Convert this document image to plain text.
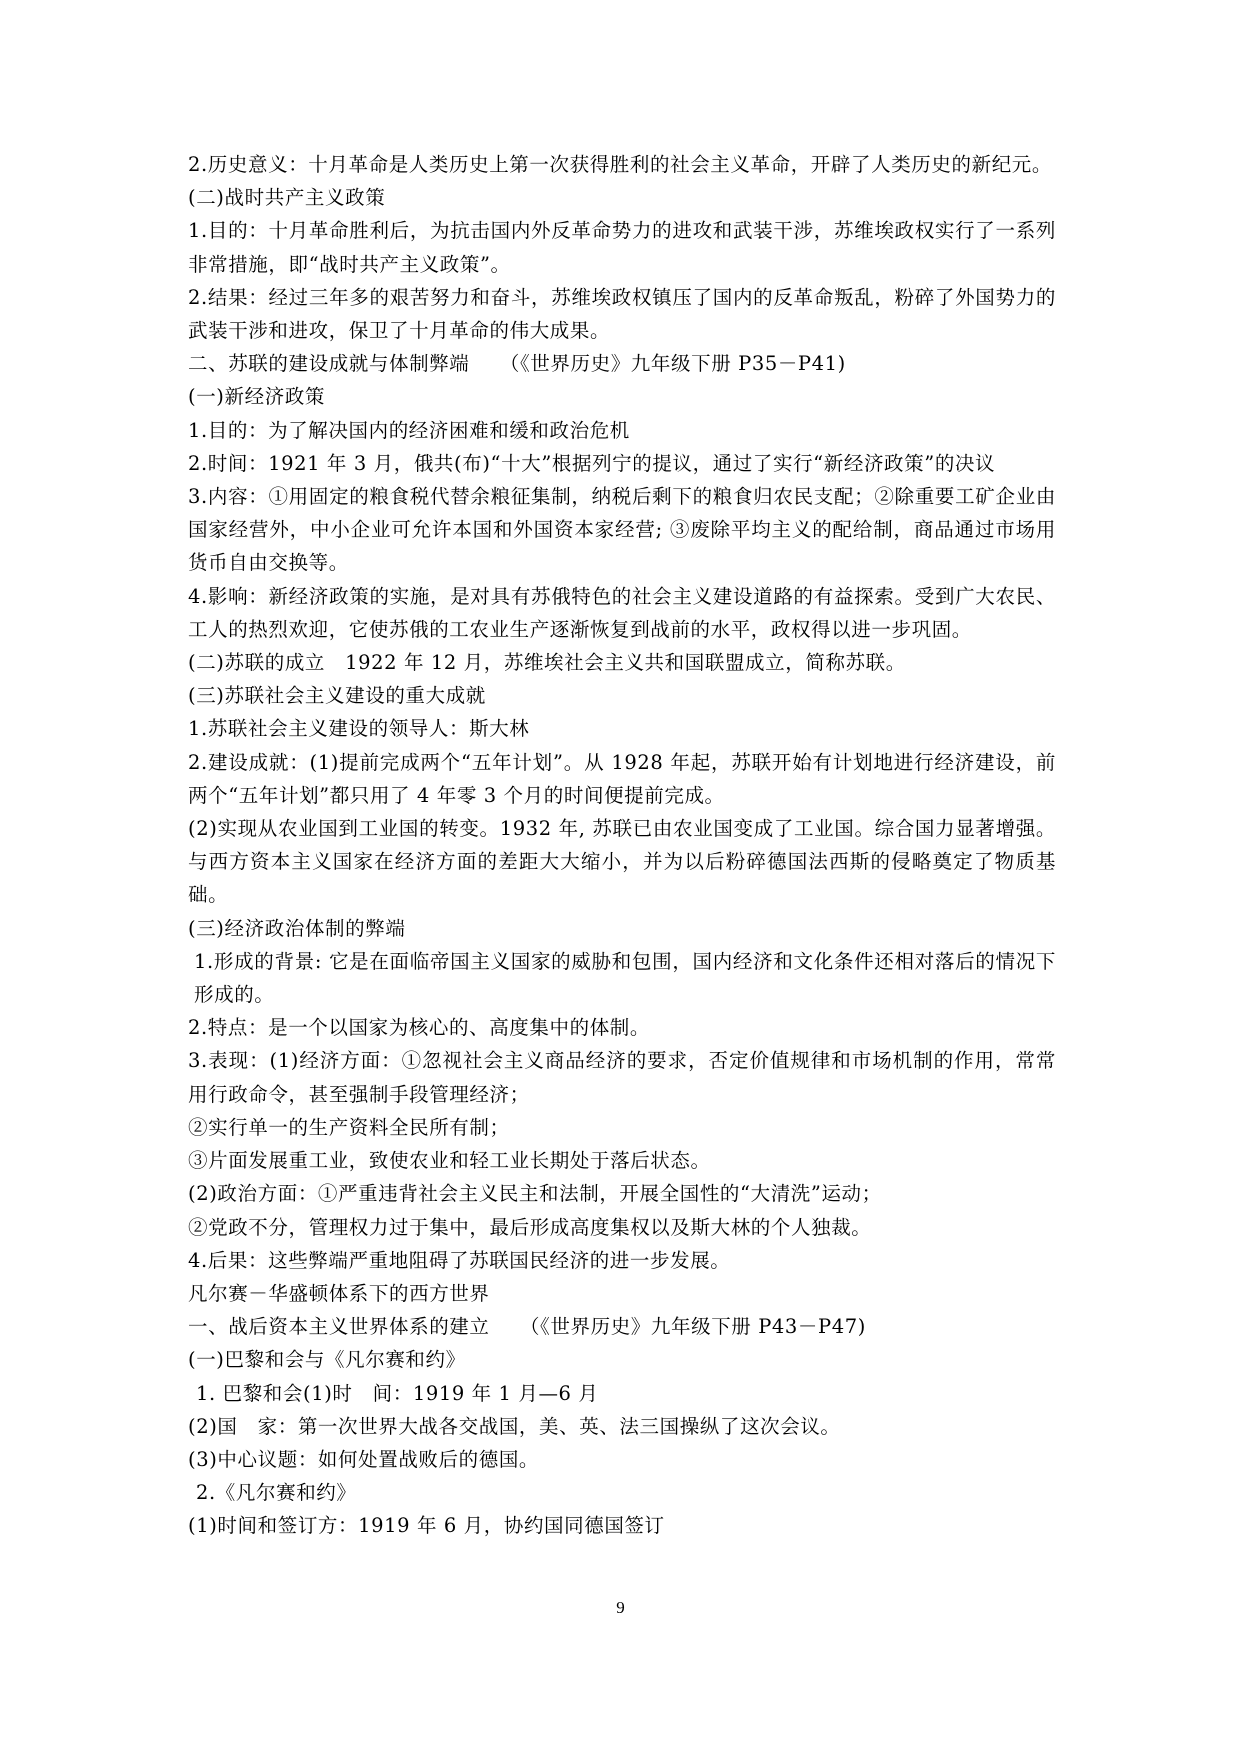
2.历史意义：十月革命是人类历史上第一次获得胜利的社会主义革命，开辟了人类历史的新纪元。

(二)战时共产主义政策

1.目的：十月革命胜利后，为抗击国内外反革命势力的进攻和武装干涉，苏维埃政权实行了一系列非常措施，即“战时共产主义政策”。

2.结果：经过三年多的艰苦努力和奋斗，苏维埃政权镇压了国内的反革命叛乱，粉碎了外国势力的武装干涉和进攻，保卫了十月革命的伟大成果。

二、苏联的建设成就与体制弊端　　（《世界历史》九年级下册 P35－P41)

(一)新经济政策

1.目的：为了解决国内的经济困难和缓和政治危机

2.时间：1921 年 3 月，俄共(布)“十大”根据列宁的提议，通过了实行“新经济政策”的决议

3.内容：①用固定的粮食税代替余粮征集制，纳税后剩下的粮食归农民支配；②除重要工矿企业由国家经营外，中小企业可允许本国和外国资本家经营; ③废除平均主义的配给制，商品通过市场用货币自由交换等。

4.影响：新经济政策的实施，是对具有苏俄特色的社会主义建设道路的有益探索。受到广大农民、工人的热烈欢迎，它使苏俄的工农业生产逐渐恢复到战前的水平，政权得以进一步巩固。

(二)苏联的成立　1922 年 12 月，苏维埃社会主义共和国联盟成立，简称苏联。

(三)苏联社会主义建设的重大成就

1.苏联社会主义建设的领导人：斯大林

2.建设成就：(1)提前完成两个“五年计划”。从 1928 年起，苏联开始有计划地进行经济建设，前两个“五年计划”都只用了 4 年零 3 个月的时间便提前完成。

(2)实现从农业国到工业国的转变。1932 年, 苏联已由农业国变成了工业国。综合国力显著增强。与西方资本主义国家在经济方面的差距大大缩小，并为以后粉碎德国法西斯的侵略奠定了物质基础。

(三)经济政治体制的弊端

1.形成的背景: 它是在面临帝国主义国家的威胁和包围，国内经济和文化条件还相对落后的情况下形成的。

2.特点：是一个以国家为核心的、高度集中的体制。

3.表现：(1)经济方面：①忽视社会主义商品经济的要求，否定价值规律和市场机制的作用，常常用行政命令，甚至强制手段管理经济；

②实行单一的生产资料全民所有制；

③片面发展重工业，致使农业和轻工业长期处于落后状态。

(2)政治方面：①严重违背社会主义民主和法制，开展全国性的“大清洗”运动；

②党政不分，管理权力过于集中，最后形成高度集权以及斯大林的个人独裁。

4.后果：这些弊端严重地阻碍了苏联国民经济的进一步发展。

凡尔赛－华盛顿体系下的西方世界

一、战后资本主义世界体系的建立　　（《世界历史》九年级下册 P43－P47)

(一)巴黎和会与《凡尔赛和约》

1. 巴黎和会(1)时　间：1919 年 1 月—6 月

(2)国　家：第一次世界大战各交战国，美、英、法三国操纵了这次会议。

(3)中心议题：如何处置战败后的德国。

2.《凡尔赛和约》

(1)时间和签订方：1919 年 6 月，协约国同德国签订

9
